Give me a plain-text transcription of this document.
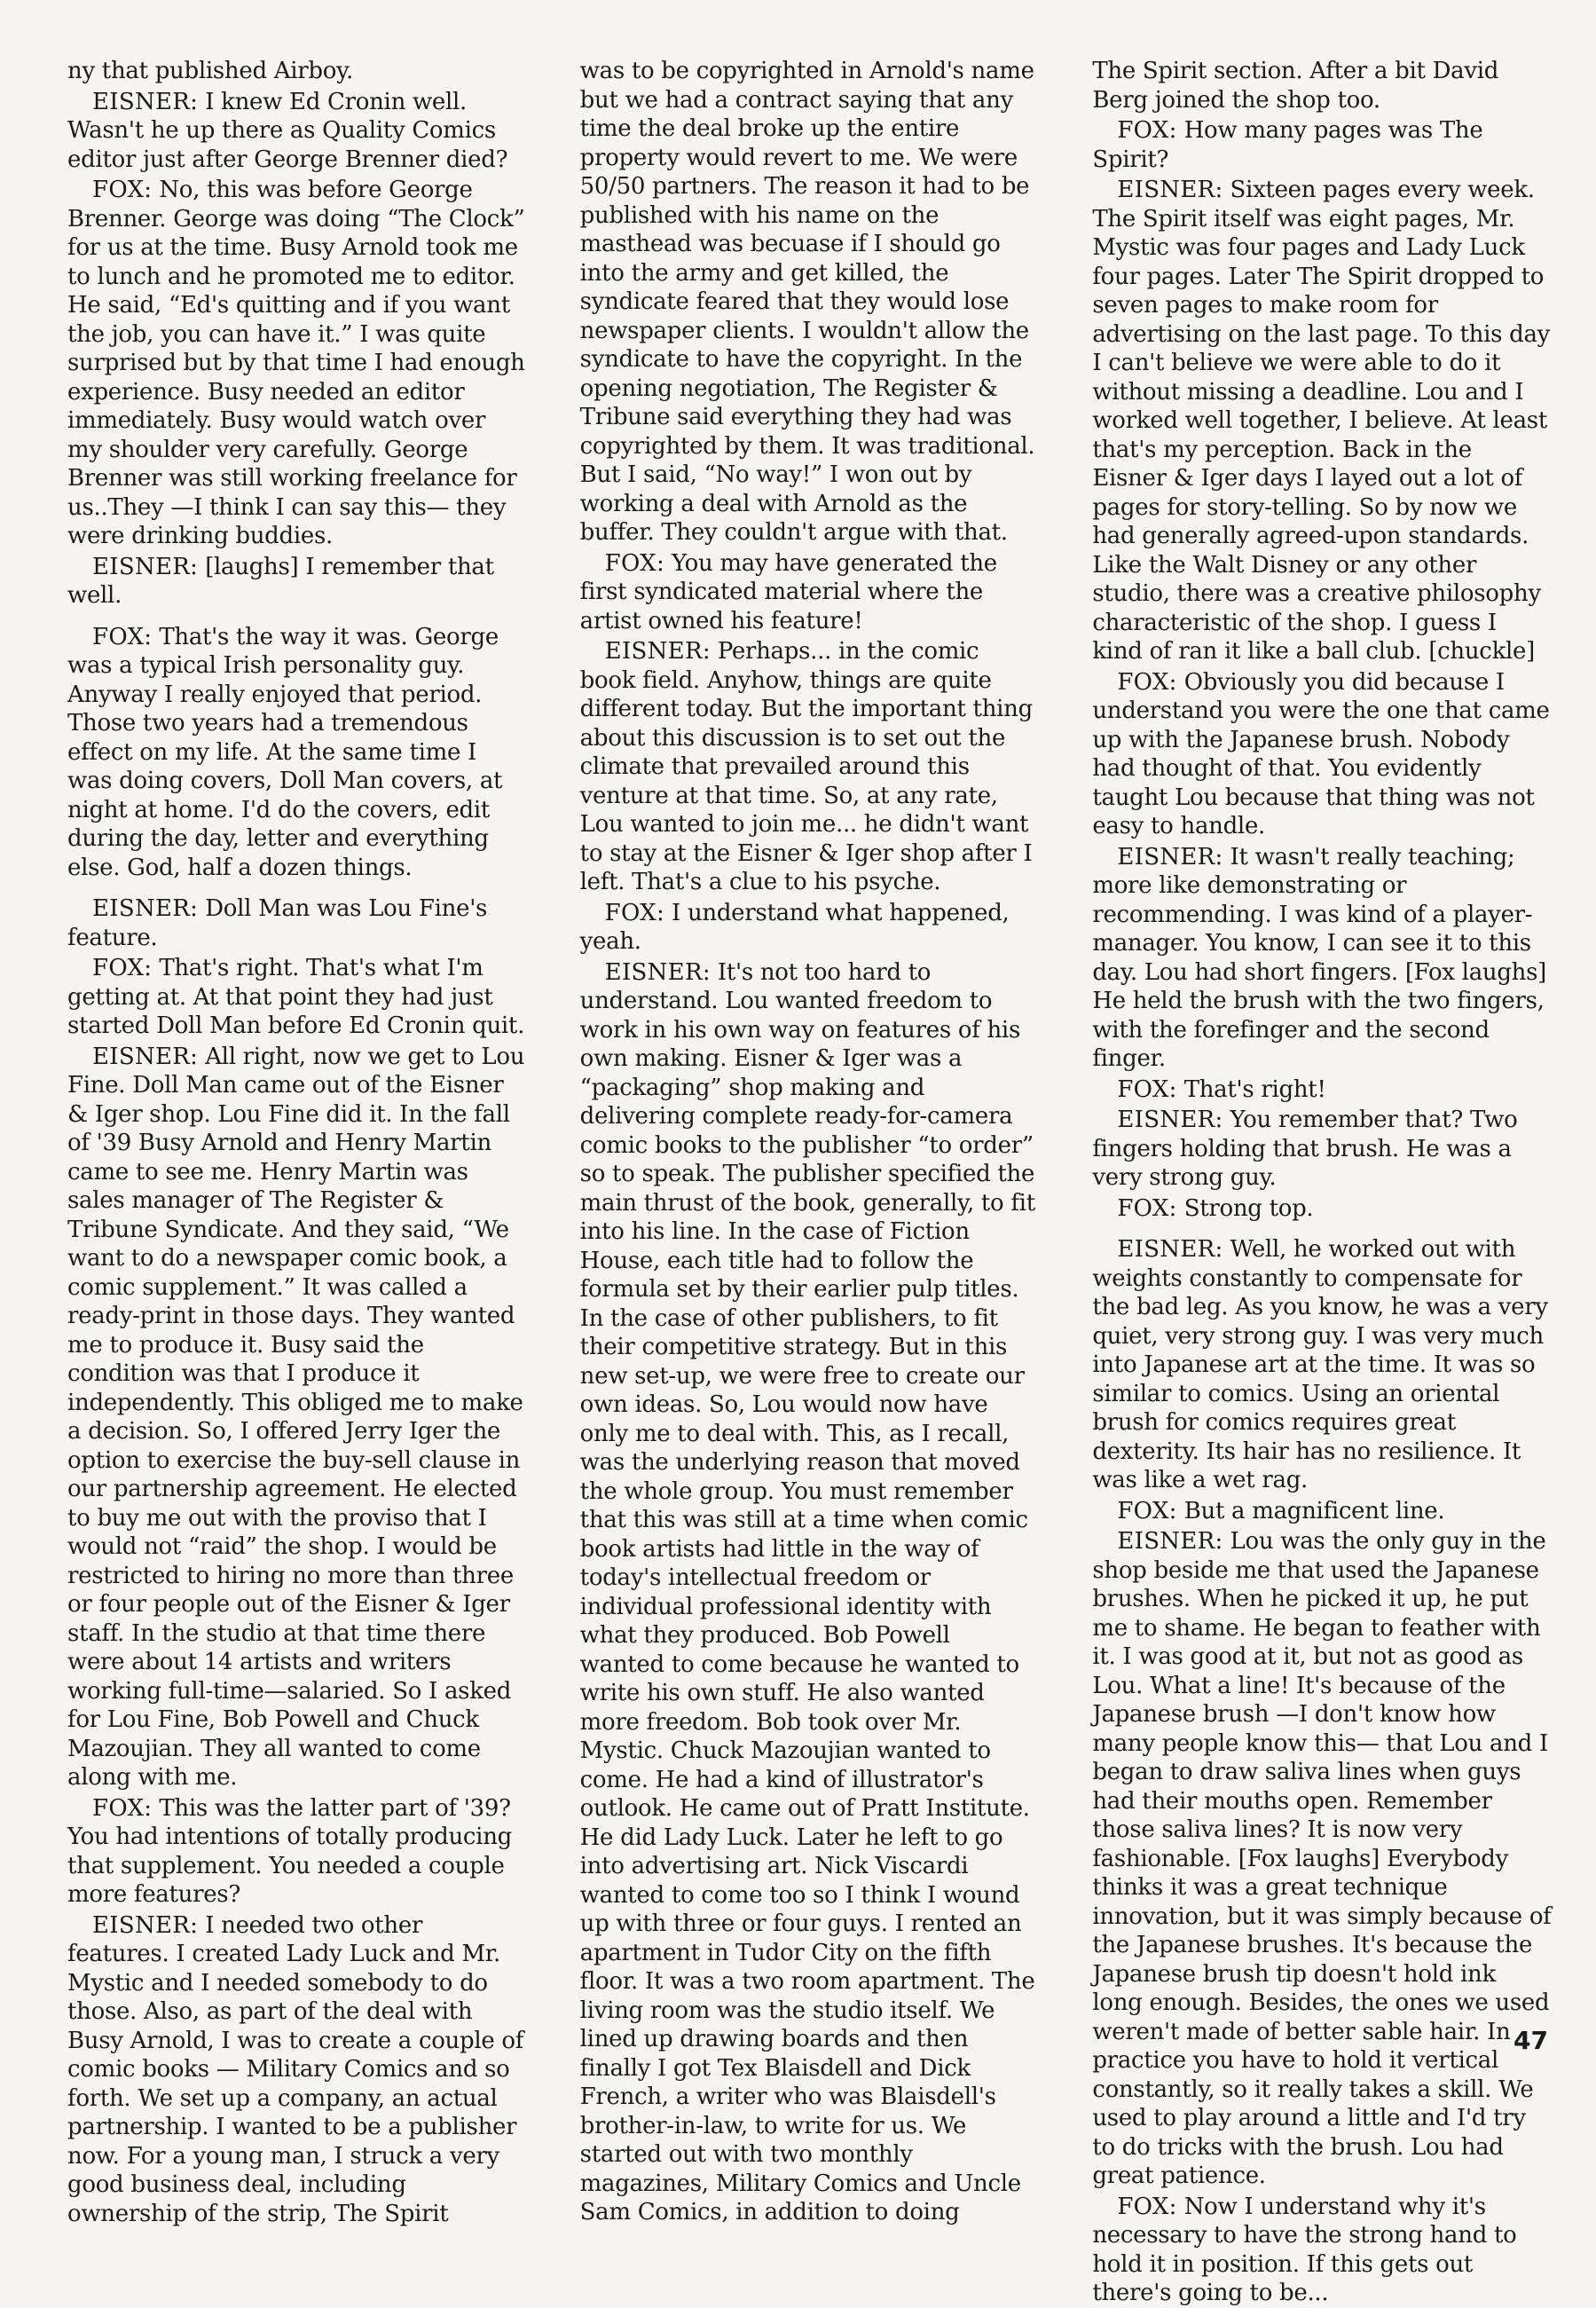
ny that published Airboy.

EISNER: I knew Ed Cronin well. Wasn't he up there as Quality Comics editor just after George Brenner died?

FOX: No, this was before George Brenner. George was doing “The Clock” for us at the time. Busy Arnold took me to lunch and he promoted me to editor. He said, “Ed's quitting and if you want the job, you can have it.” I was quite surprised but by that time I had enough experience. Busy needed an editor immediately. Busy would watch over my shoulder very carefully. George Brenner was still working freelance for us..They —I think I can say this— they were drinking buddies.

EISNER: [laughs] I remember that well.

FOX: That's the way it was. George was a typical Irish personality guy. Anyway I really enjoyed that period. Those two years had a tremendous effect on my life. At the same time I was doing covers, Doll Man covers, at night at home. I'd do the covers, edit during the day, letter and everything else. God, half a dozen things.

EISNER: Doll Man was Lou Fine's feature.

FOX: That's right. That's what I'm getting at. At that point they had just started Doll Man before Ed Cronin quit.

EISNER: All right, now we get to Lou Fine. Doll Man came out of the Eisner & Iger shop. Lou Fine did it. In the fall of '39 Busy Arnold and Henry Martin came to see me. Henry Martin was sales manager of The Register & Tribune Syndicate. And they said, “We want to do a newspaper comic book, a comic supplement.” It was called a ready-print in those days. They wanted me to produce it. Busy said the condition was that I produce it independently. This obliged me to make a decision. So, I offered Jerry Iger the option to exercise the buy-sell clause in our partnership agreement. He elected to buy me out with the proviso that I would not “raid” the shop. I would be restricted to hiring no more than three or four people out of the Eisner & Iger staff. In the studio at that time there were about 14 artists and writers working full-time—salaried. So I asked for Lou Fine, Bob Powell and Chuck Mazoujian. They all wanted to come along with me.

FOX: This was the latter part of '39? You had intentions of totally producing that supplement. You needed a couple more features?

EISNER: I needed two other features. I created Lady Luck and Mr. Mystic and I needed somebody to do those. Also, as part of the deal with Busy Arnold, I was to create a couple of comic books — Military Comics and so forth. We set up a company, an actual partnership. I wanted to be a publisher now. For a young man, I struck a very good business deal, including ownership of the strip, The Spirit

was to be copyrighted in Arnold's name but we had a contract saying that any time the deal broke up the entire property would revert to me. We were 50/50 partners. The reason it had to be published with his name on the masthead was becuase if I should go into the army and get killed, the syndicate feared that they would lose newspaper clients. I wouldn't allow the syndicate to have the copyright. In the opening negotiation, The Register & Tribune said everything they had was copyrighted by them. It was traditional. But I said, “No way!” I won out by working a deal with Arnold as the buffer. They couldn't argue with that.

FOX: You may have generated the first syndicated material where the artist owned his feature!

EISNER: Perhaps... in the comic book field. Anyhow, things are quite different today. But the important thing about this discussion is to set out the climate that prevailed around this venture at that time. So, at any rate, Lou wanted to join me... he didn't want to stay at the Eisner & Iger shop after I left. That's a clue to his psyche.

FOX: I understand what happened, yeah.

EISNER: It's not too hard to understand. Lou wanted freedom to work in his own way on features of his own making. Eisner & Iger was a “packaging” shop making and delivering complete ready-for-camera comic books to the publisher “to order” so to speak. The publisher specified the main thrust of the book, generally, to fit into his line. In the case of Fiction House, each title had to follow the formula set by their earlier pulp titles. In the case of other publishers, to fit their competitive strategy. But in this new set-up, we were free to create our own ideas. So, Lou would now have only me to deal with. This, as I recall, was the underlying reason that moved the whole group. You must remember that this was still at a time when comic book artists had little in the way of today's intellectual freedom or individual professional identity with what they produced. Bob Powell wanted to come because he wanted to write his own stuff. He also wanted more freedom. Bob took over Mr. Mystic. Chuck Mazoujian wanted to come. He had a kind of illustrator's outlook. He came out of Pratt Institute. He did Lady Luck. Later he left to go into advertising art. Nick Viscardi wanted to come too so I think I wound up with three or four guys. I rented an apartment in Tudor City on the fifth floor. It was a two room apartment. The living room was the studio itself. We lined up drawing boards and then finally I got Tex Blaisdell and Dick French, a writer who was Blaisdell's brother-in-law, to write for us. We started out with two monthly magazines, Military Comics and Uncle Sam Comics, in addition to doing

The Spirit section. After a bit David Berg joined the shop too.

FOX: How many pages was The Spirit?

EISNER: Sixteen pages every week. The Spirit itself was eight pages, Mr. Mystic was four pages and Lady Luck four pages. Later The Spirit dropped to seven pages to make room for advertising on the last page. To this day I can't believe we were able to do it without missing a deadline. Lou and I worked well together, I believe. At least that's my perception. Back in the Eisner & Iger days I layed out a lot of pages for story-telling. So by now we had generally agreed-upon standards. Like the Walt Disney or any other studio, there was a creative philosophy characteristic of the shop. I guess I kind of ran it like a ball club. [chuckle]

FOX: Obviously you did because I understand you were the one that came up with the Japanese brush. Nobody had thought of that. You evidently taught Lou because that thing was not easy to handle.

EISNER: It wasn't really teaching; more like demonstrating or recommending. I was kind of a player-manager. You know, I can see it to this day. Lou had short fingers. [Fox laughs] He held the brush with the two fingers, with the forefinger and the second finger.

FOX: That's right!

EISNER: You remember that? Two fingers holding that brush. He was a very strong guy.

FOX: Strong top.

EISNER: Well, he worked out with weights constantly to compensate for the bad leg. As you know, he was a very quiet, very strong guy. I was very much into Japanese art at the time. It was so similar to comics. Using an oriental brush for comics requires great dexterity. Its hair has no resilience. It was like a wet rag.

FOX: But a magnificent line.

EISNER: Lou was the only guy in the shop beside me that used the Japanese brushes. When he picked it up, he put me to shame. He began to feather with it. I was good at it, but not as good as Lou. What a line! It's because of the Japanese brush —I don't know how many people know this— that Lou and I began to draw saliva lines when guys had their mouths open. Remember those saliva lines? It is now very fashionable. [Fox laughs] Everybody thinks it was a great technique innovation, but it was simply because of the Japanese brushes. It's because the Japanese brush tip doesn't hold ink long enough. Besides, the ones we used weren't made of better sable hair. In practice you have to hold it vertical constantly, so it really takes a skill. We used to play around a little and I'd try to do tricks with the brush. Lou had great patience.

FOX: Now I understand why it's necessary to have the strong hand to hold it in position. If this gets out there's going to be...

47
